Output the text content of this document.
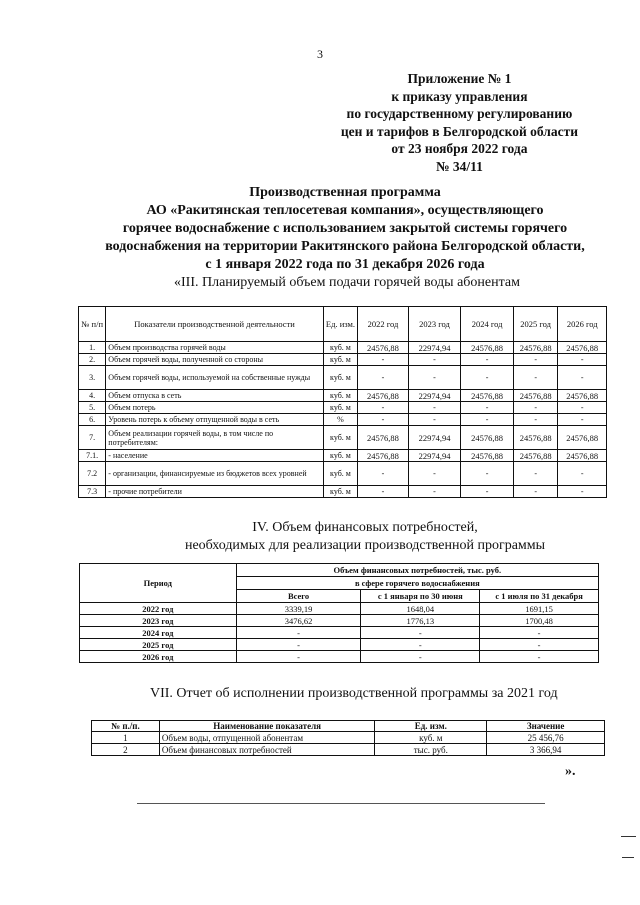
3
Приложение № 1
к приказу управления
по государственному регулированию
цен и тарифов в Белгородской области
от 23 ноября 2022 года
№ 34/11
Производственная программа
АО «Ракитянская теплосетевая компания», осуществляющего
горячее водоснабжение с использованием закрытой системы горячего
водоснабжения на территории Ракитянского района Белгородской области,
с 1 января 2022 года по 31 декабря 2026 года
«III. Планируемый объем подачи горячей воды абонентам
№ п/п	Показатели производственной деятельности	Ед. изм.	2022 год	2023 год	2024 год	2025 год	2026 год
1.	Объем производства горячей воды	куб. м	24576,88	22974,94	24576,88	24576,88	24576,88
2.	Объем горячей воды, полученной со стороны	куб. м	-	-	-	-	-
3.	Объем горячей воды, используемой на собственные нужды	куб. м	-	-	-	-	-
4.	Объем отпуска в сеть	куб. м	24576,88	22974,94	24576,88	24576,88	24576,88
5.	Объем потерь	куб. м	-	-	-	-	-
6.	Уровень потерь к объему отпущенной воды в сеть	%	-	-	-	-	-
7.	Объем реализации горячей воды, в том числе по потребителям:	куб. м	24576,88	22974,94	24576,88	24576,88	24576,88
7.1.	- население	куб. м	24576,88	22974,94	24576,88	24576,88	24576,88
7.2	- организации, финансируемые из бюджетов всех уровней	куб. м	-	-	-	-	-
7.3	- прочие потребители	куб. м	-	-	-	-	-
IV. Объем финансовых потребностей,
необходимых для реализации производственной программы
Период	Объем финансовых потребностей, тыс. руб.		
	в сфере горячего водоснабжения		
	Всего	с 1 января по 30 июня	с 1 июля по 31 декабря
2022 год	3339,19	1648,04	1691,15
2023 год	3476,62	1776,13	1700,48
2024 год	-	-	-
2025 год	-	-	-
2026 год	-	-	-
VII. Отчет об исполнении производственной программы за 2021 год
№ п./п.	Наименование показателя	Ед. изм.	Значение
1	Объем воды, отпущенной абонентам	куб. м	25 456,76
2	Объем финансовых потребностей	тыс. руб.	3 366,94
».
